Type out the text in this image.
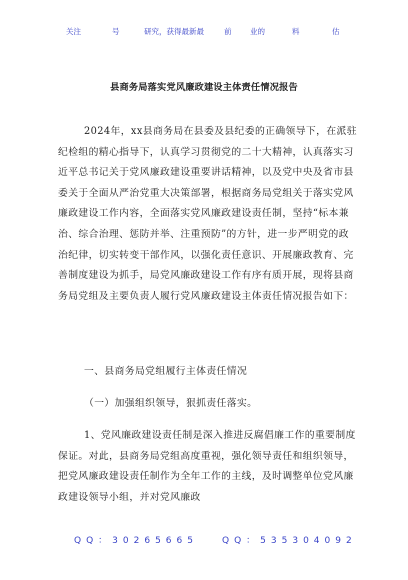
关注	号	研究，获得最新最	前 业的	料	估
县商务局落实党风廉政建设主体责任情况报告

2024年，xx县商务局在县委及县纪委的正确领导下，在派驻纪检组的精心指导下，认真学习贯彻党的二十大精神，认真落实习近平总书记关于党风廉政建设重要讲话精神，以及党中央及省市县委关于全面从严治党重大决策部署，根据商务局党组关于落实党风廉政建设工作内容，全面落实党风廉政建设责任制，坚持“标本兼治、综合治理、惩防并举、注重预防”的方针，进一步严明党的政治纪律，切实转变干部作风，以强化责任意识、开展廉政教育、完善制度建设为抓手，局党风廉政建设工作有序有质开展，现将县商务局党组及主要负责人履行党风廉政建设主体责任情况报告如下：

一、县商务局党组履行主体责任情况

（一）加强组织领导，狠抓责任落实。

1、党风廉政建设责任制是深入推进反腐倡廉工作的重要制度保证。对此，县商务局党组高度重视，强化领导责任和组织领导，把党风廉政建设责任制作为全年工作的主线，及时调整单位党风廉政建设领导小组，并对党风廉政

QQ：30265665	QQ：535304092
